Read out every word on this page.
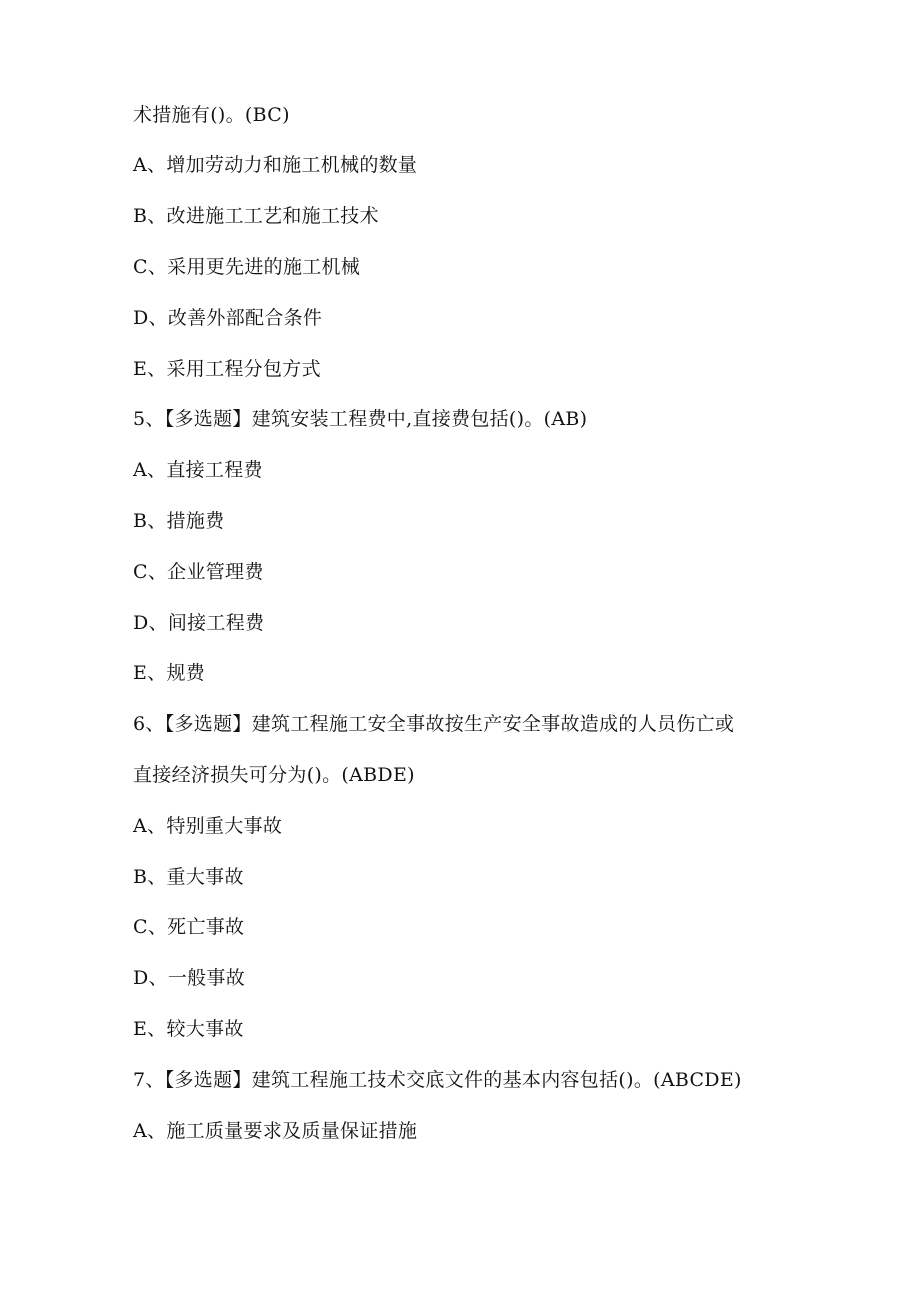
术措施有()。(BC)
A、增加劳动力和施工机械的数量
B、改进施工工艺和施工技术
C、采用更先进的施工机械
D、改善外部配合条件
E、采用工程分包方式
5、【多选题】建筑安装工程费中,直接费包括()。(AB)
A、直接工程费
B、措施费
C、企业管理费
D、间接工程费
E、规费
6、【多选题】建筑工程施工安全事故按生产安全事故造成的人员伤亡或
直接经济损失可分为()。(ABDE)
A、特别重大事故
B、重大事故
C、死亡事故
D、一般事故
E、较大事故
7、【多选题】建筑工程施工技术交底文件的基本内容包括()。(ABCDE)
A、施工质量要求及质量保证措施
